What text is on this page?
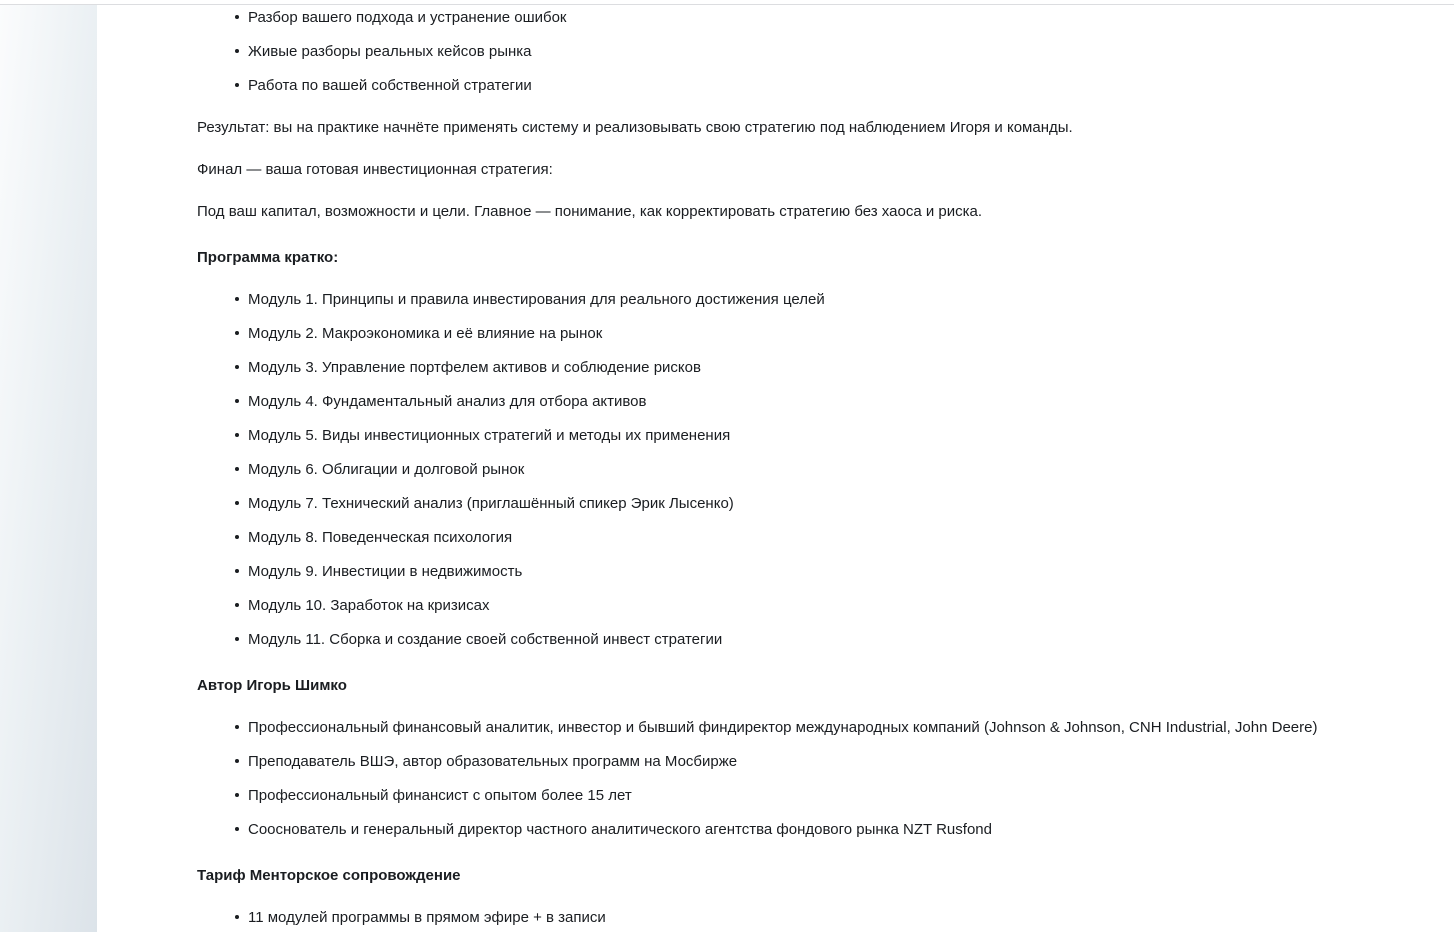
Разбор вашего подхода и устранение ошибок
Живые разборы реальных кейсов рынка
Работа по вашей собственной стратегии

Результат: вы на практике начнёте применять систему и реализовывать свою стратегию под наблюдением Игоря и команды.

Финал — ваша готовая инвестиционная стратегия:

Под ваш капитал, возможности и цели. Главное — понимание, как корректировать стратегию без хаоса и риска.

Программа кратко:
Модуль 1. Принципы и правила инвестирования для реального достижения целей
Модуль 2. Макроэкономика и её влияние на рынок
Модуль 3. Управление портфелем активов и соблюдение рисков
Модуль 4. Фундаментальный анализ для отбора активов
Модуль 5. Виды инвестиционных стратегий и методы их применения
Модуль 6. Облигации и долговой рынок
Модуль 7. Технический анализ (приглашённый спикер Эрик Лысенко)
Модуль 8. Поведенческая психология
Модуль 9. Инвестиции в недвижимость
Модуль 10. Заработок на кризисах
Модуль 11. Сборка и создание своей собственной инвест стратегии
Автор Игорь Шимко
Профессиональный финансовый аналитик, инвестор и бывший финдиректор международных компаний (Johnson & Johnson, CNH Industrial, John Deere)
Преподаватель ВШЭ, автор образовательных программ на Мосбирже
Профессиональный финансист с опытом более 15 лет
Сооснователь и генеральный директор частного аналитического агентства фондового рынка NZT Rusfond
Тариф Менторское сопровождение
11 модулей программы в прямом эфире + в записи
